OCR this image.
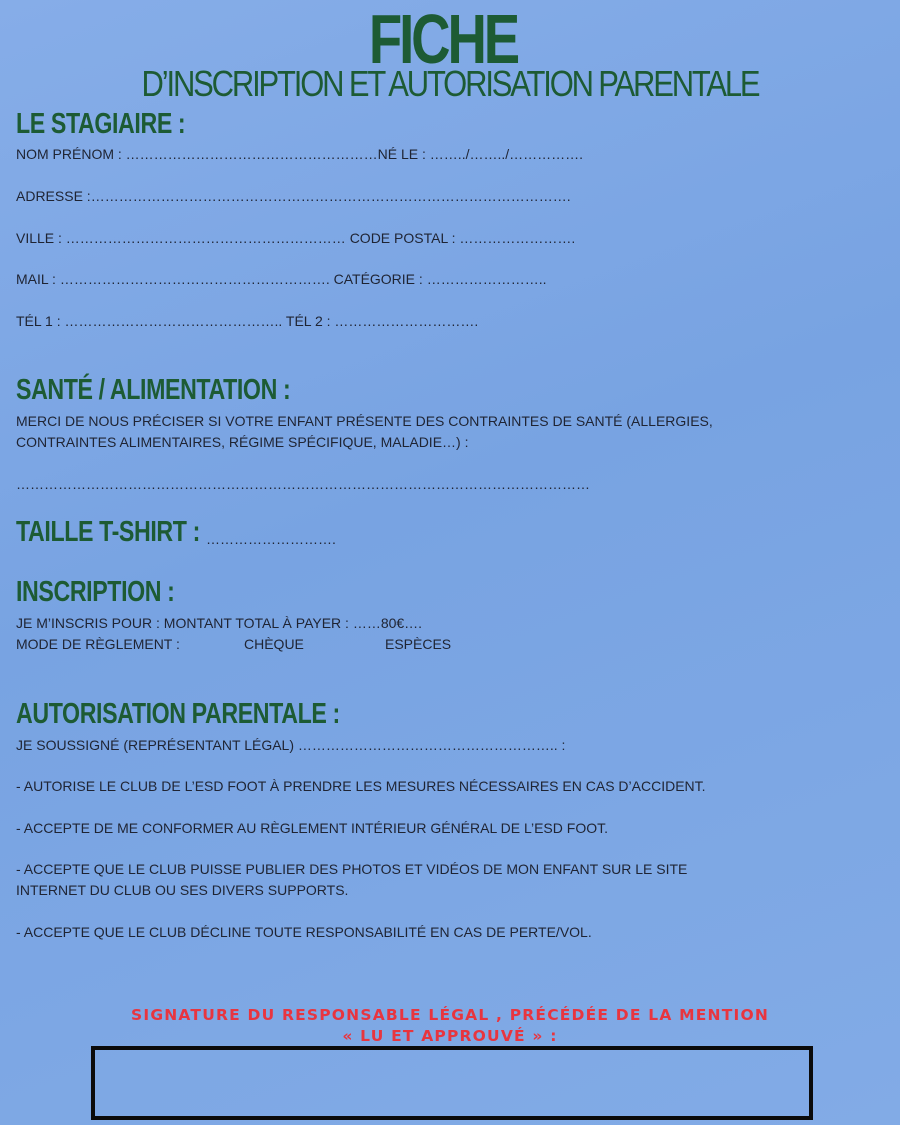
FICHE
D’INSCRIPTION ET AUTORISATION PARENTALE
LE STAGIAIRE :
NOM PRÉNOM : ………………………………………………NÉ LE : ……../……../…………….
ADRESSE :………………………………………………………………………………………….
VILLE : …………………………………………………… CODE POSTAL : …………………….
MAIL : …………………………………………………. CATÉGORIE : ……………………..
TÉL 1 : ……………………………………….. TÉL 2 : ………………………….
SANTÉ / ALIMENTATION :
MERCI DE NOUS PRÉCISER SI VOTRE ENFANT PRÉSENTE DES CONTRAINTES DE SANTÉ (ALLERGIES,
CONTRAINTES ALIMENTAIRES, RÉGIME SPÉCIFIQUE, MALADIE…) :
……………………………………………………………………………………………………………
TAILLE T-SHIRT : ……………………….
INSCRIPTION :
JE M’INSCRIS POUR : MONTANT TOTAL À PAYER : ……80€….
MODE DE RÈGLEMENT :	CHÈQUE	ESPÈCES
AUTORISATION PARENTALE :
JE SOUSSIGNÉ (REPRÉSENTANT LÉGAL) ……………………………………………….. :
- AUTORISE LE CLUB DE L’ESD FOOT À PRENDRE LES MESURES NÉCESSAIRES EN CAS D’ACCIDENT.
- ACCEPTE DE ME CONFORMER AU RÈGLEMENT INTÉRIEUR GÉNÉRAL DE L’ESD FOOT.
- ACCEPTE QUE LE CLUB PUISSE PUBLIER DES PHOTOS ET VIDÉOS DE MON ENFANT SUR LE SITE
INTERNET DU CLUB OU SES DIVERS SUPPORTS.
- ACCEPTE QUE LE CLUB DÉCLINE TOUTE RESPONSABILITÉ EN CAS DE PERTE/VOL.
SIGNATURE DU RESPONSABLE LÉGAL , PRÉCÉDÉE DE LA MENTION
« LU ET APPROUVÉ » :
